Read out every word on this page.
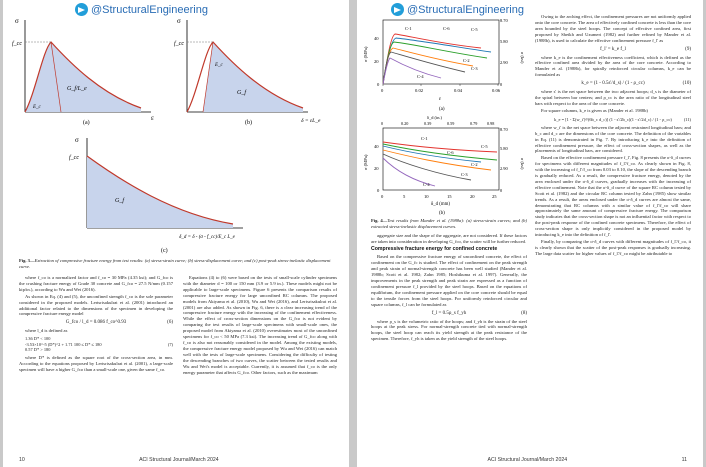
@StructuralEngineering
σ
f_cc
ε
G_f/L_e
E_c
(a)
σ
f_cc
δ = εL_e
G_f
E_c
(b)
σ
f_cc
G_f
δ_d = δ - (σ - f_cc)/E_c L_e
(c)
Fig. 3—Extraction of compressive fracture energy from test results: (a) stress-strain curve; (b) stress-displacement curve; and (c) post-peak stress-inelastic displacement curve.

where f_co is a normalized factor and f_co = 30 MPa (4.35 ksi); and G_fco is the crushing fracture energy of Grade 30 concrete and G_fco = 27.5 N/mm (0.157 kip/in.), according to Wu and Wei (2016).

As shown in Eq. (4) and (5), the unconfined strength f_co is the sole parameter considered in the proposed models. Lertsrisakulrat et al. (2001) introduced an additional factor related to the dimensions of the specimen in developing the compressive fracture energy model

G_fco / l_d = 0.086 f_co^0.93	(6)

where l_d is defined as

1.36 D* < 100
-3.53×10^-5 (D*)^2 + 1.71 100 ≤ D* ≤ 180
0.57 D* > 180
(7)

where D* is defined as the square root of the cross-section area, in mm. According to the equations proposed by Lertsrisakulrat et al. (2001), a large-scale specimen will have a higher G_fco than a small-scale one, given the same f_co.

Equations (4) to (6) were based on the tests of small-scale cylinder specimens with the diameter d = 100 or 150 mm (3.9 or 5.9 in.). These models might not be applicable to large-scale specimens. Figure 6 presents the comparison results of compressive fracture energy for large unconfined RC columns. The proposed models from Akiyama et al. (2010), Wu and Wei (2016), and Lertsrisakulrat et al. (2001) are also added. As shown in Fig. 6, there is a clear increasing trend of the compressive fracture energy with the increasing of the confinement effectiveness. While the effect of cross-section dimensions on the G_fco is not evident by comparing the test results of large-scale specimens with small-scale ones, the proposed model from Akiyama et al. (2010) overestimates most of the unconfined specimens for f_co < 50 MPa (7.3 ksi). The increasing trend of G_fco along with f_co is also not reasonably considered in the model. Among the existing models, the compressive fracture energy model proposed by Wu and Wei (2016) can match well with the tests of large-scale specimens. Considering the difficulty of testing the descending branches of two curves, the scatter between the tested results and Wu and Wei's model is acceptable. Currently, it is assumed that f_co is the only energy parameter that affects G_fco. Other factors, such as the maximum

10	ACI Structural Journal/March 2024
@StructuralEngineering
0	0.02	0.04	0.06
ε
0
20
40
σ (MPa)
0
2.90
5.80
8.70
σ (ksi)
C-1	C-6	C-5
C-2
C-3
C-4
(a)
δ_d (in.)
0	0.20	0.39	0.59	0.79 0.98
0	5	10	15	20	25
δ_d (mm)
0
20
40
σ (MPa)
0
2.90
5.80
8.70
σ (ksi)
C-1
C-5
C-6
C-2
C-3
C-4
(b)
Fig. 4—Test results from Mander et al. (1988a): (a) stress-strain curves; and (b) extracted stress-inelastic displacement curves.

aggregate size and the shape of the aggregate, are not considered. If these factors are taken into consideration in developing G_fco, the scatter will be further reduced.

Compressive fracture energy for confined concrete

Based on the compressive fracture energy of unconfined concrete, the effect of confinement on the G_fc is studied. The effect of confinement on the peak strength and peak strain of normal-strength concrete has been well studied (Mander et al. 1988b; Scott et al. 1982; Zahn 1985; Hoshikuma et al. 1997). Generally, the improvements in the peak strength and peak strain are expressed as a function of confinement pressure f_l provided by the steel hoops. Based on the equations of equilibrium, the confinement pressure applied on the core concrete should be equal to the tensile forces from the steel hoops. For uniformly reinforced circular and square columns, f_l can be formulated as

f_l = 0.5ρ_s f_yh	(8)

where ρ_s is the volumetric ratio of the hoops; and f_yh is the strain of the steel hoops at the peak stress. For normal-strength concrete tied with normal-strength hoops, the steel hoop can reach its yield strength at the peak resistance of the specimen. Therefore, f_yh is taken as the yield strength of the steel hoops.

Owing to the arching effect, the confinement pressures are not uniformly applied onto the core concrete. The area of effectively confined concrete is less than the core area bounded by the steel hoops. The concept of effective confined area, first proposed by Sheikh and Uzumeri (1982) and further refined by Mander et al. (1988b), is used to calculate the effective confinement pressure f_l' as

f_l' = k_e f_l	(9)

where k_e is the confinement effectiveness coefficient, which is defined as the effective confined area divided by the area of the core concrete. According to Mander et al. (1988b), for spirally reinforced circular columns, k_e can be formulated as

k_e = (1 - 0.5s'/d_s) / (1 - ρ_cc)	(10)

where s' is the net space between the two adjacent hoops; d_s is the diameter of the spiral between bar centers; and ρ_cc is the area ratio of the longitudinal steel bars with respect to the area of the core concrete.

For square columns, k_e is given as (Mander et al. 1988b)

k_e = [1 - Σ(w_i')²/(6b_c d_c)] (1 - s'/2b_c)(1 - s'/2d_c) / (1 - ρ_cc)	(11)

where w_i' is the net space between the adjacent restrained longitudinal bars; and b_c and d_c are the dimensions of the core concrete. The definition of the variables in Eq. (11) is demonstrated in Fig. 7. By introducing k_e into the definition of effective confinement pressure, the effect of cross-section shapes, as well as the placements of longitudinal bars, are considered.

Based on the effective confinement pressure f_l', Fig. 8 presents the σ-δ_d curves for specimens with different magnitudes of f_l'/f_co. As clearly shown in Fig. 8, with the increasing of f_l'/f_co from 0.03 to 0.10, the slope of the descending branch is gradually reduced. As a result, the compressive fracture energy, denoted by the area enclosed under the σ-δ_d curves, gradually increases with the increasing of effective confinement. Note that the σ-δ_d curve of the square RC column tested by Scott et al. (1982) and the circular RC column tested by Zahn (1985) show similar trends. As a result, the areas enclosed under the σ-δ_d curves are almost the same, demonstrating that RC columns with a similar value of f_l'/f_co will share approximately the same amount of compressive fracture energy. The comparison study indicates that the cross-section shape is not an influential factor with respect to the post-peak response of the confined concrete specimens. Therefore, the effect of cross-section shape is only implicitly considered in the proposed model by introducing k_e into the definition of f_l'.

Finally, by comparing the σ-δ_d curves with different magnitudes of f_l'/f_co, it is clearly shown that the scatter of the post-peak responses is gradually increasing. The large data scatter for higher values of f_l'/f_co might be attributable to

ACI Structural Journal/March 2024	11
